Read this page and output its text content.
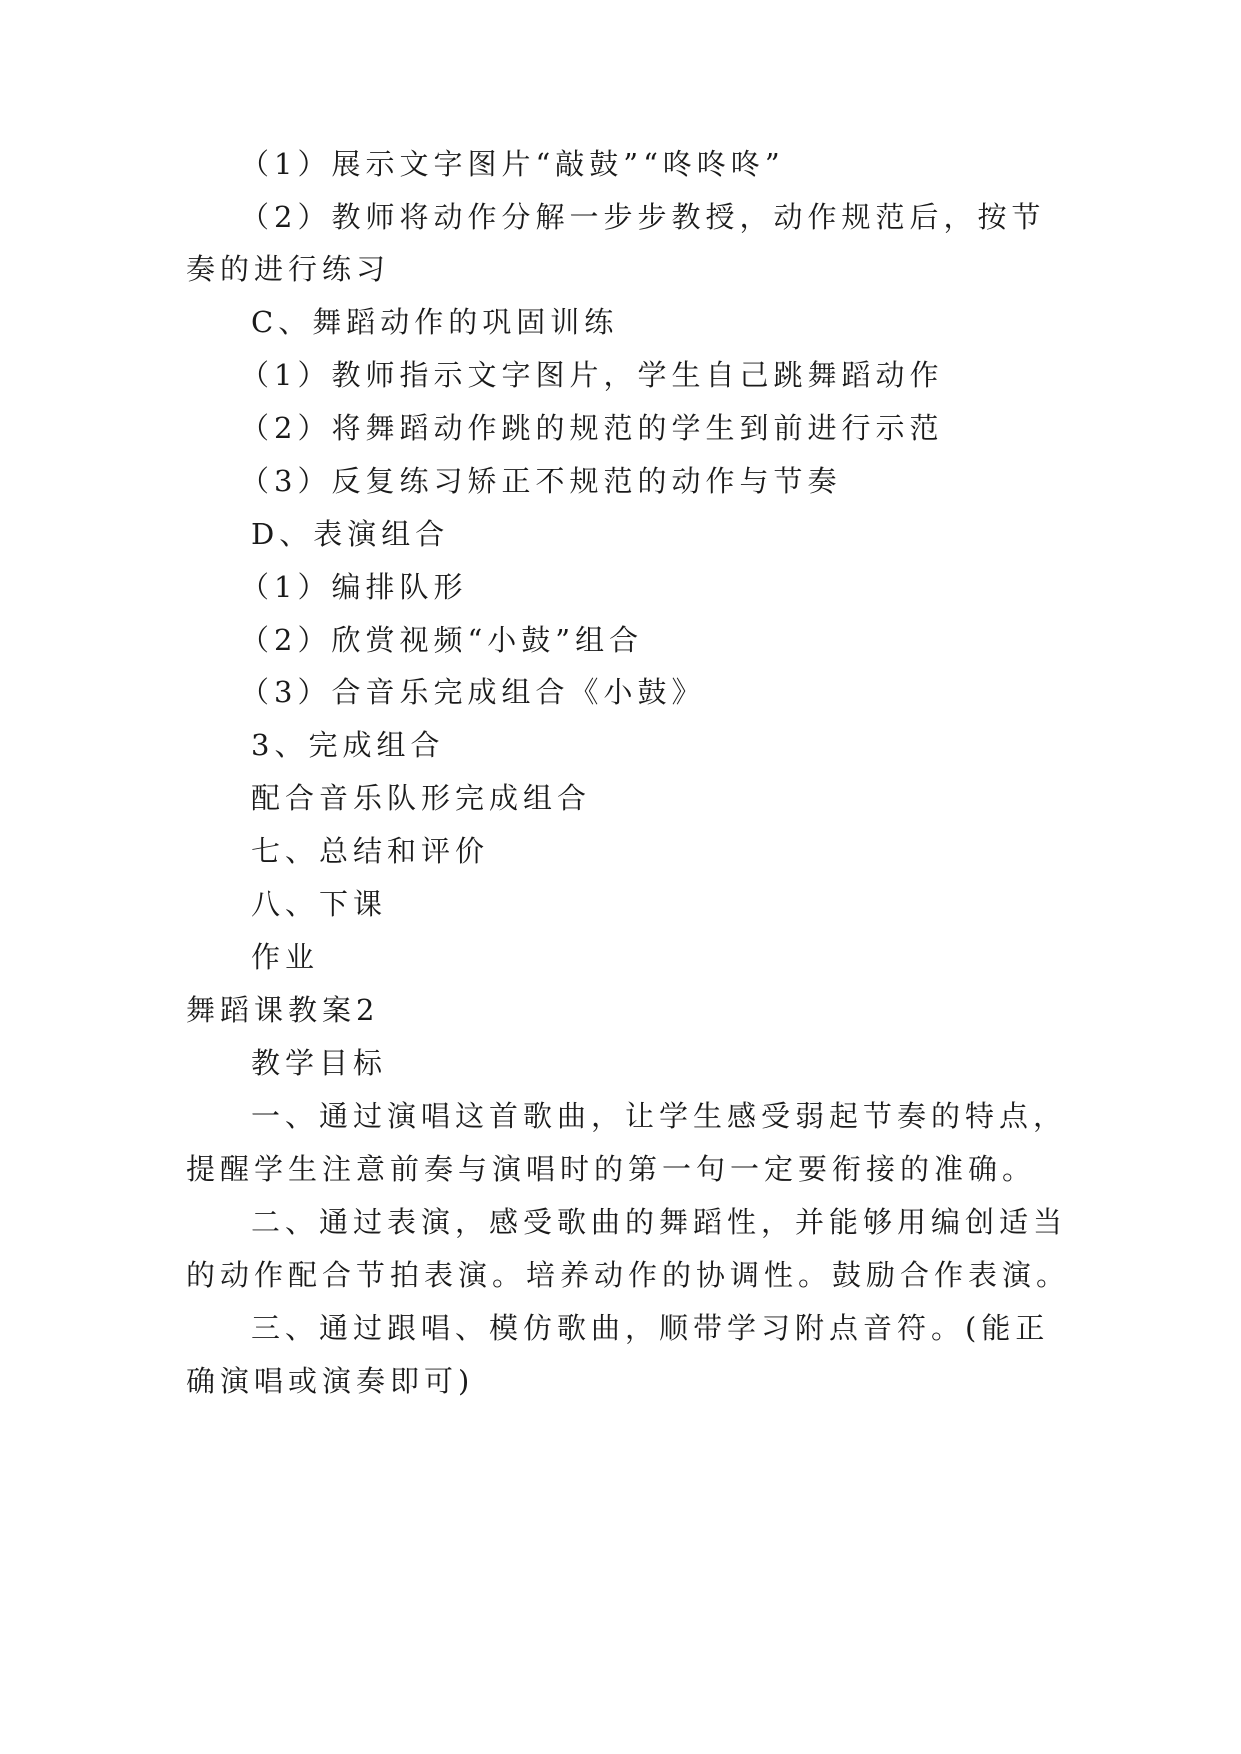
（1）展示文字图片“敲鼓”“咚咚咚”
（2）教师将动作分解一步步教授，动作规范后，按节
奏的进行练习
C、舞蹈动作的巩固训练
（1）教师指示文字图片，学生自己跳舞蹈动作
（2）将舞蹈动作跳的规范的学生到前进行示范
（3）反复练习矫正不规范的动作与节奏
D、表演组合
（1）编排队形
（2）欣赏视频“小鼓”组合
（3）合音乐完成组合《小鼓》
3、完成组合
配合音乐队形完成组合
七、总结和评价
八、下课
作业
舞蹈课教案2
教学目标
一、通过演唱这首歌曲，让学生感受弱起节奏的特点，
提醒学生注意前奏与演唱时的第一句一定要衔接的准确。
二、通过表演，感受歌曲的舞蹈性，并能够用编创适当
的动作配合节拍表演。培养动作的协调性。鼓励合作表演。
三、通过跟唱、模仿歌曲，顺带学习附点音符。(能正
确演唱或演奏即可)
